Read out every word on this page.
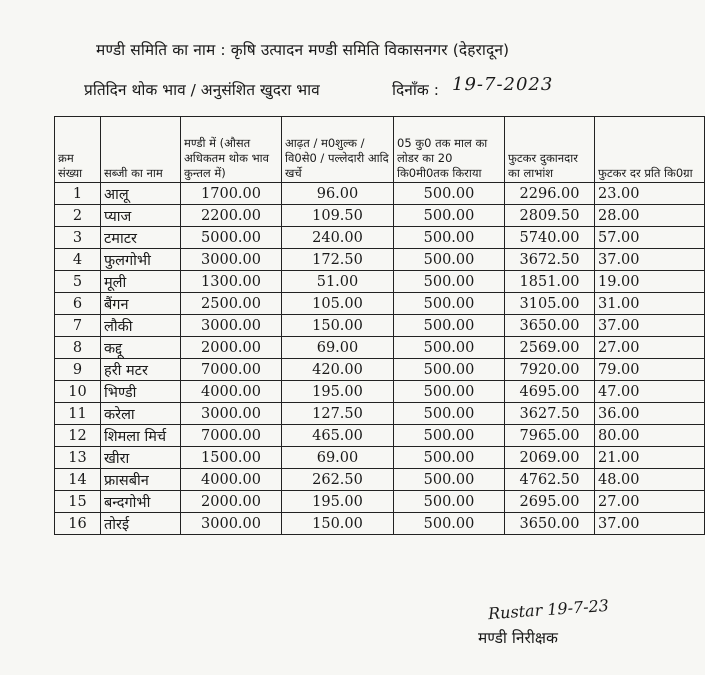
मण्डी समिति का नाम : कृषि उत्पादन मण्डी समिति विकासनगर (देहरादून)
प्रतिदिन थोक भाव / अनुसंशित खुदरा भाव	दिनाँक : 19-7-2023
क्रम संख्या	सब्जी का नाम	मण्डी में (औसत अधिकतम थोक भाव कुन्तल में)	आढ़त / म0शुल्क / वि0से0 / पल्लेदारी आदि खर्चे	05 कु0 तक माल का लोडर का 20 कि0मी0तक किराया	फुटकर दुकानदार का लाभांश	फुटकर दर प्रति कि0ग्रा
1	आलू	1700.00	96.00	500.00	2296.00	23.00
2	प्याज	2200.00	109.50	500.00	2809.50	28.00
3	टमाटर	5000.00	240.00	500.00	5740.00	57.00
4	फुलगोभी	3000.00	172.50	500.00	3672.50	37.00
5	मूली	1300.00	51.00	500.00	1851.00	19.00
6	बैंगन	2500.00	105.00	500.00	3105.00	31.00
7	लौकी	3000.00	150.00	500.00	3650.00	37.00
8	कद्दू	2000.00	69.00	500.00	2569.00	27.00
9	हरी मटर	7000.00	420.00	500.00	7920.00	79.00
10	भिण्डी	4000.00	195.00	500.00	4695.00	47.00
11	करेला	3000.00	127.50	500.00	3627.50	36.00
12	शिमला मिर्च	7000.00	465.00	500.00	7965.00	80.00
13	खीरा	1500.00	69.00	500.00	2069.00	21.00
14	फ्रासबीन	4000.00	262.50	500.00	4762.50	48.00
15	बन्दगोभी	2000.00	195.00	500.00	2695.00	27.00
16	तोरई	3000.00	150.00	500.00	3650.00	37.00
Rustar 19-7-23
मण्डी निरीक्षक
